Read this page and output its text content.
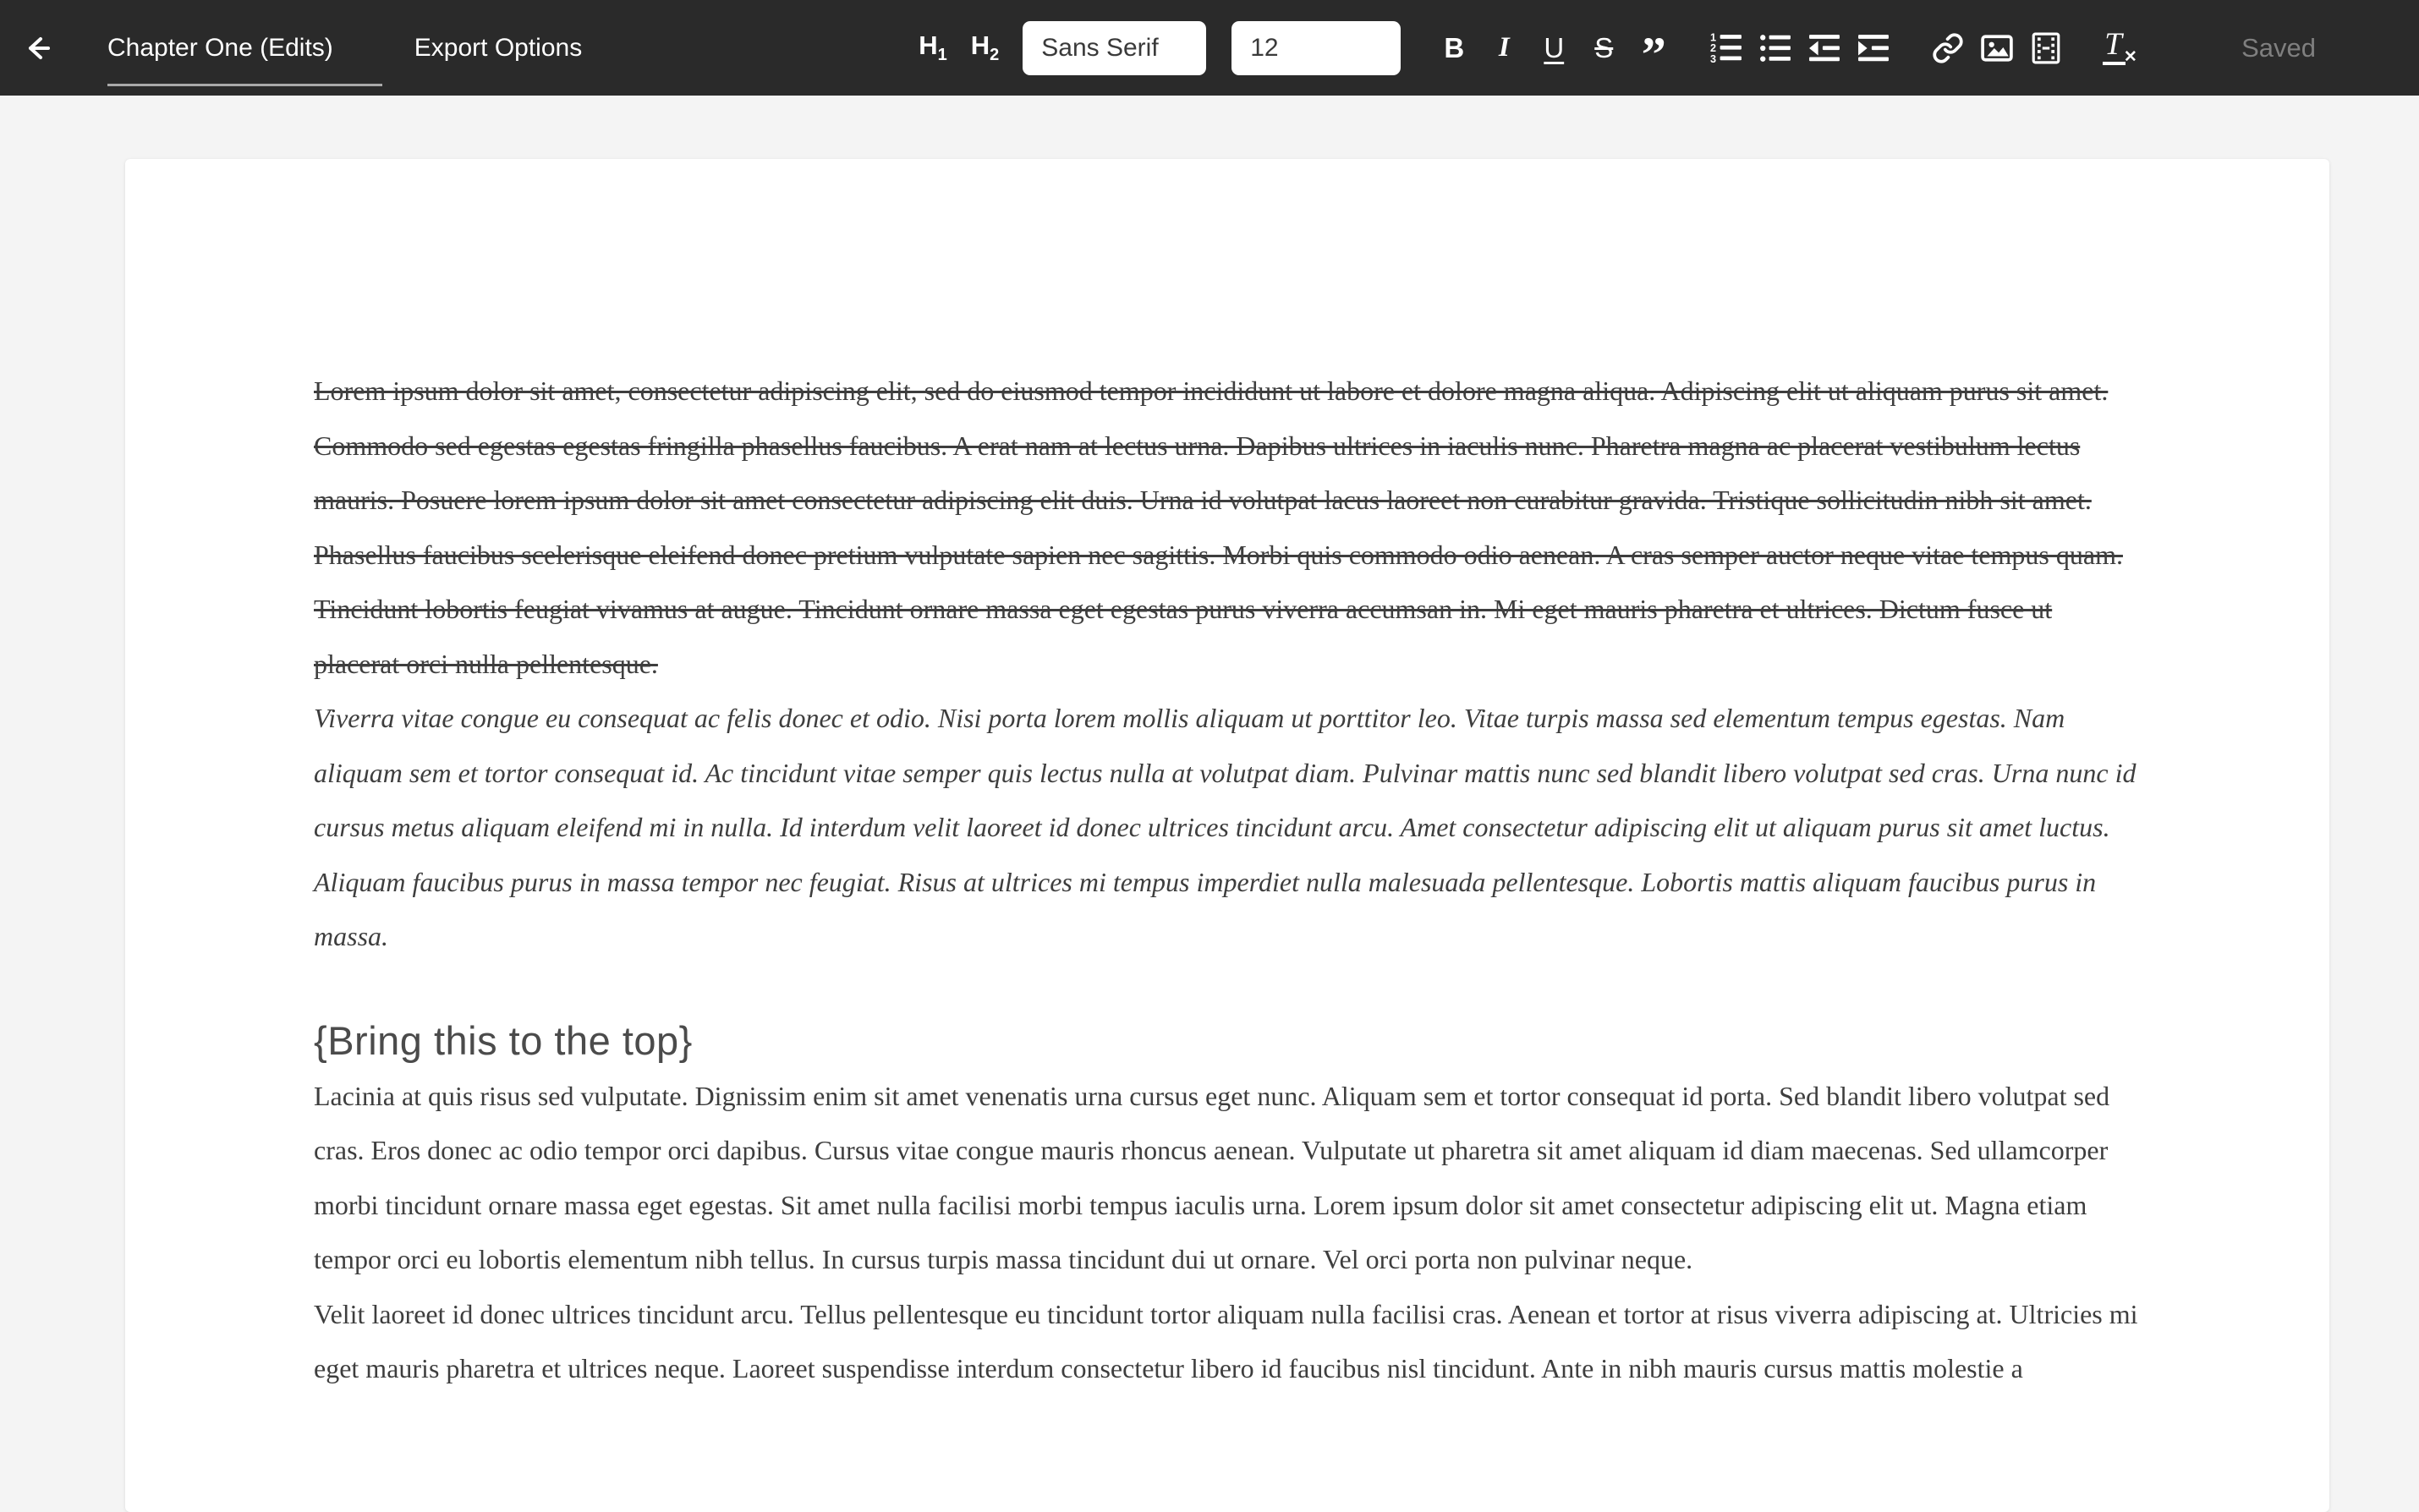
Chapter One (Edits)	Export Options	$H_1$ $H_2$ Sans Serif	12	B	I	U S ”	1
2
3	T ✕	Saved

Lorem ipsum dolor sit amet, consectetur adipiscing elit, sed do eiusmod tempor incididunt ut labore et dolore magna aliqua. Adipiscing elit ut aliquam purus sit amet. Commodo sed egestas egestas fringilla phasellus faucibus. A erat nam at lectus urna. Dapibus ultrices in iaculis nunc. Pharetra magna ac placerat vestibulum lectus mauris. Posuere lorem ipsum dolor sit amet consectetur adipiscing elit duis. Urna id volutpat lacus laoreet non curabitur gravida. Tristique sollicitudin nibh sit amet. Phasellus faucibus scelerisque eleifend donec pretium vulputate sapien nec sagittis. Morbi quis commodo odio aenean. A cras semper auctor neque vitae tempus quam. Tincidunt lobortis feugiat vivamus at augue. Tincidunt ornare massa eget egestas purus viverra accumsan in. Mi eget mauris pharetra et ultrices. Dictum fusce ut placerat orci nulla pellentesque.

Viverra vitae congue eu consequat ac felis donec et odio. Nisi porta lorem mollis aliquam ut porttitor leo. Vitae turpis massa sed elementum tempus egestas. Nam aliquam sem et tortor consequat id. Ac tincidunt vitae semper quis lectus nulla at volutpat diam. Pulvinar mattis nunc sed blandit libero volutpat sed cras. Urna nunc id cursus metus aliquam eleifend mi in nulla. Id interdum velit laoreet id donec ultrices tincidunt arcu. Amet consectetur adipiscing elit ut aliquam purus sit amet luctus. Aliquam faucibus purus in massa tempor nec feugiat. Risus at ultrices mi tempus imperdiet nulla malesuada pellentesque. Lobortis mattis aliquam faucibus purus in massa.

{Bring this to the top}

Lacinia at quis risus sed vulputate. Dignissim enim sit amet venenatis urna cursus eget nunc. Aliquam sem et tortor consequat id porta. Sed blandit libero volutpat sed cras. Eros donec ac odio tempor orci dapibus. Cursus vitae congue mauris rhoncus aenean. Vulputate ut pharetra sit amet aliquam id diam maecenas. Sed ullamcorper morbi tincidunt ornare massa eget egestas. Sit amet nulla facilisi morbi tempus iaculis urna. Lorem ipsum dolor sit amet consectetur adipiscing elit ut. Magna etiam tempor orci eu lobortis elementum nibh tellus. In cursus turpis massa tincidunt dui ut ornare. Vel orci porta non pulvinar neque.

Velit laoreet id donec ultrices tincidunt arcu. Tellus pellentesque eu tincidunt tortor aliquam nulla facilisi cras. Aenean et tortor at risus viverra adipiscing at. Ultricies mi eget mauris pharetra et ultrices neque. Laoreet suspendisse interdum consectetur libero id faucibus nisl tincidunt. Ante in nibh mauris cursus mattis molestie a
